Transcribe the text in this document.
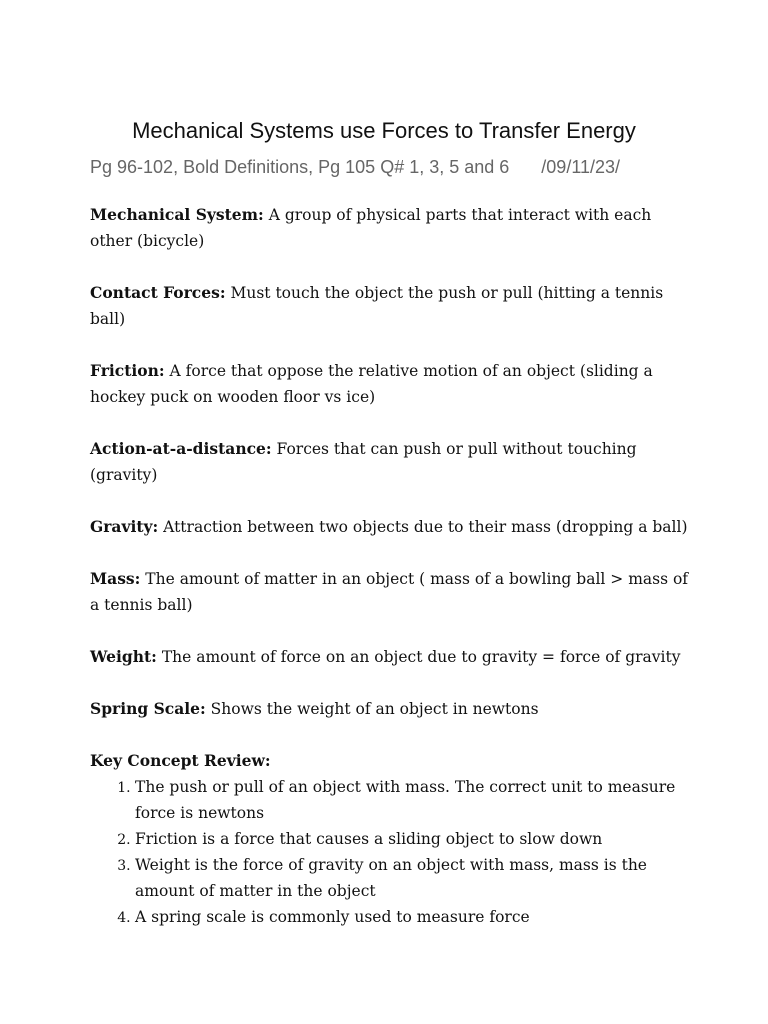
Mechanical Systems use Forces to Transfer Energy
Pg 96-102, Bold Definitions, Pg 105 Q# 1, 3, 5 and 6 /09/11/23/

Mechanical System: A group of physical parts that interact with each other (bicycle)

Contact Forces: Must touch the object the push or pull (hitting a tennis ball)

Friction: A force that oppose the relative motion of an object (sliding a hockey puck on wooden floor vs ice)

Action-at-a-distance: Forces that can push or pull without touching (gravity)

Gravity: Attraction between two objects due to their mass (dropping a ball)

Mass: The amount of matter in an object ( mass of a bowling ball > mass of a tennis ball)

Weight: The amount of force on an object due to gravity = force of gravity

Spring Scale: Shows the weight of an object in newtons

Key Concept Review:

1. The push or pull of an object with mass. The correct unit to measure force is newtons
2. Friction is a force that causes a sliding object to slow down
3. Weight is the force of gravity on an object with mass, mass is the amount of matter in the object
4. A spring scale is commonly used to measure force
